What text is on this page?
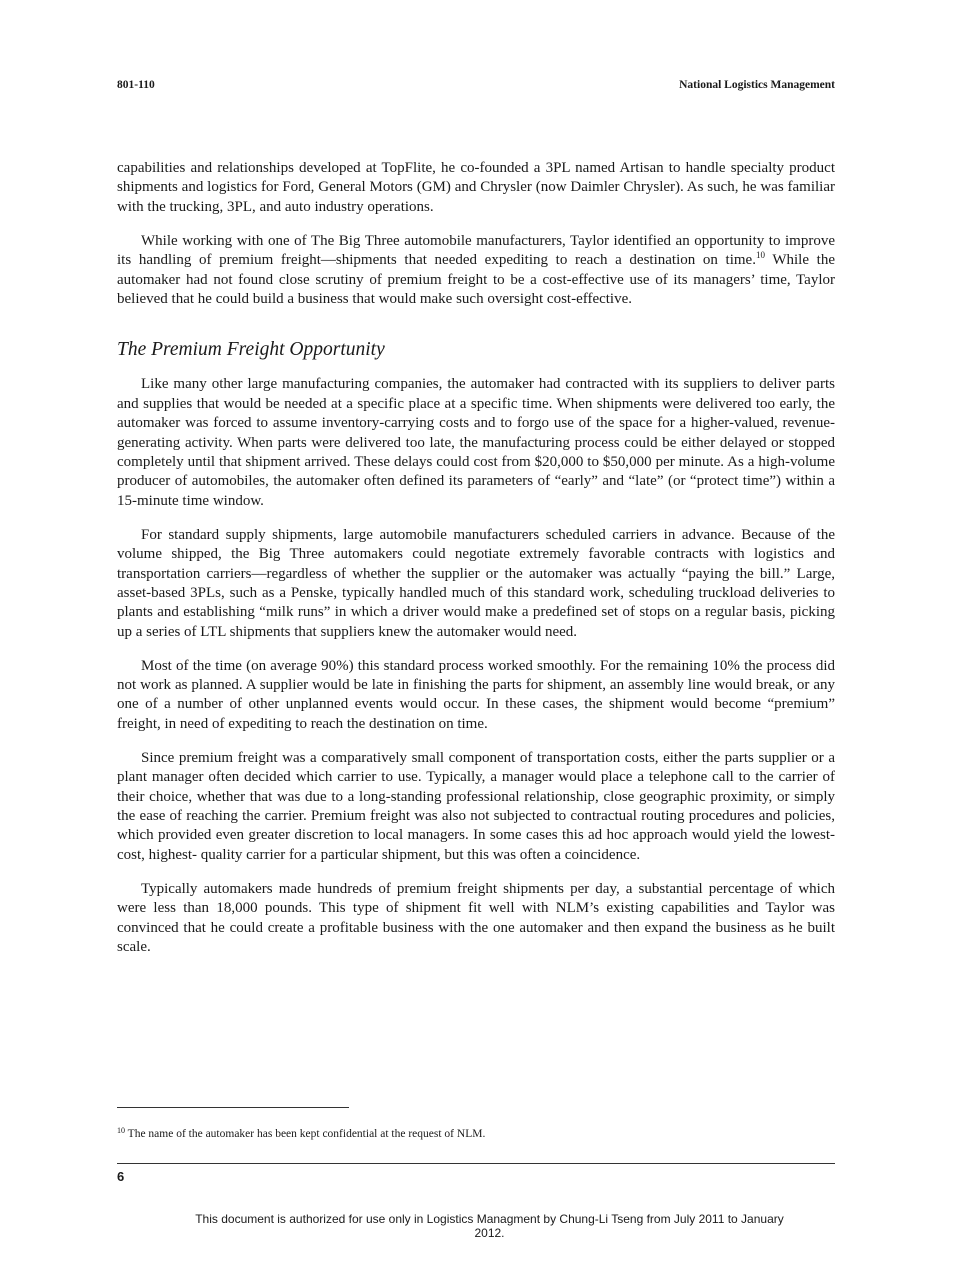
801-110	National Logistics Management

capabilities and relationships developed at TopFlite, he co-founded a 3PL named Artisan to handle specialty product shipments and logistics for Ford, General Motors (GM) and Chrysler (now Daimler Chrysler). As such, he was familiar with the trucking, 3PL, and auto industry operations.

While working with one of The Big Three automobile manufacturers, Taylor identified an opportunity to improve its handling of premium freight—shipments that needed expediting to reach a destination on time.$^{10}$ While the automaker had not found close scrutiny of premium freight to be a cost-effective use of its managers’ time, Taylor believed that he could build a business that would make such oversight cost-effective.

The Premium Freight Opportunity

Like many other large manufacturing companies, the automaker had contracted with its suppliers to deliver parts and supplies that would be needed at a specific place at a specific time. When shipments were delivered too early, the automaker was forced to assume inventory-carrying costs and to forgo use of the space for a higher-valued, revenue-generating activity. When parts were delivered too late, the manufacturing process could be either delayed or stopped completely until that shipment arrived. These delays could cost from $20,000 to $50,000 per minute. As a high-volume producer of automobiles, the automaker often defined its parameters of “early” and “late” (or “protect time”) within a 15-minute time window.

For standard supply shipments, large automobile manufacturers scheduled carriers in advance. Because of the volume shipped, the Big Three automakers could negotiate extremely favorable contracts with logistics and transportation carriers—regardless of whether the supplier or the automaker was actually “paying the bill.” Large, asset-based 3PLs, such as a Penske, typically handled much of this standard work, scheduling truckload deliveries to plants and establishing “milk runs” in which a driver would make a predefined set of stops on a regular basis, picking up a series of LTL shipments that suppliers knew the automaker would need.

Most of the time (on average 90%) this standard process worked smoothly. For the remaining 10% the process did not work as planned. A supplier would be late in finishing the parts for shipment, an assembly line would break, or any one of a number of other unplanned events would occur. In these cases, the shipment would become “premium” freight, in need of expediting to reach the destination on time.

Since premium freight was a comparatively small component of transportation costs, either the parts supplier or a plant manager often decided which carrier to use. Typically, a manager would place a telephone call to the carrier of their choice, whether that was due to a long-standing professional relationship, close geographic proximity, or simply the ease of reaching the carrier. Premium freight was also not subjected to contractual routing procedures and policies, which provided even greater discretion to local managers. In some cases this ad hoc approach would yield the lowest-cost, highest- quality carrier for a particular shipment, but this was often a coincidence.

Typically automakers made hundreds of premium freight shipments per day, a substantial percentage of which were less than 18,000 pounds. This type of shipment fit well with NLM’s existing capabilities and Taylor was convinced that he could create a profitable business with the one automaker and then expand the business as he built scale.

$^{10}$ The name of the automaker has been kept confidential at the request of NLM.
6
This document is authorized for use only in Logistics Managment by Chung-Li Tseng from July 2011 to January
2012.
